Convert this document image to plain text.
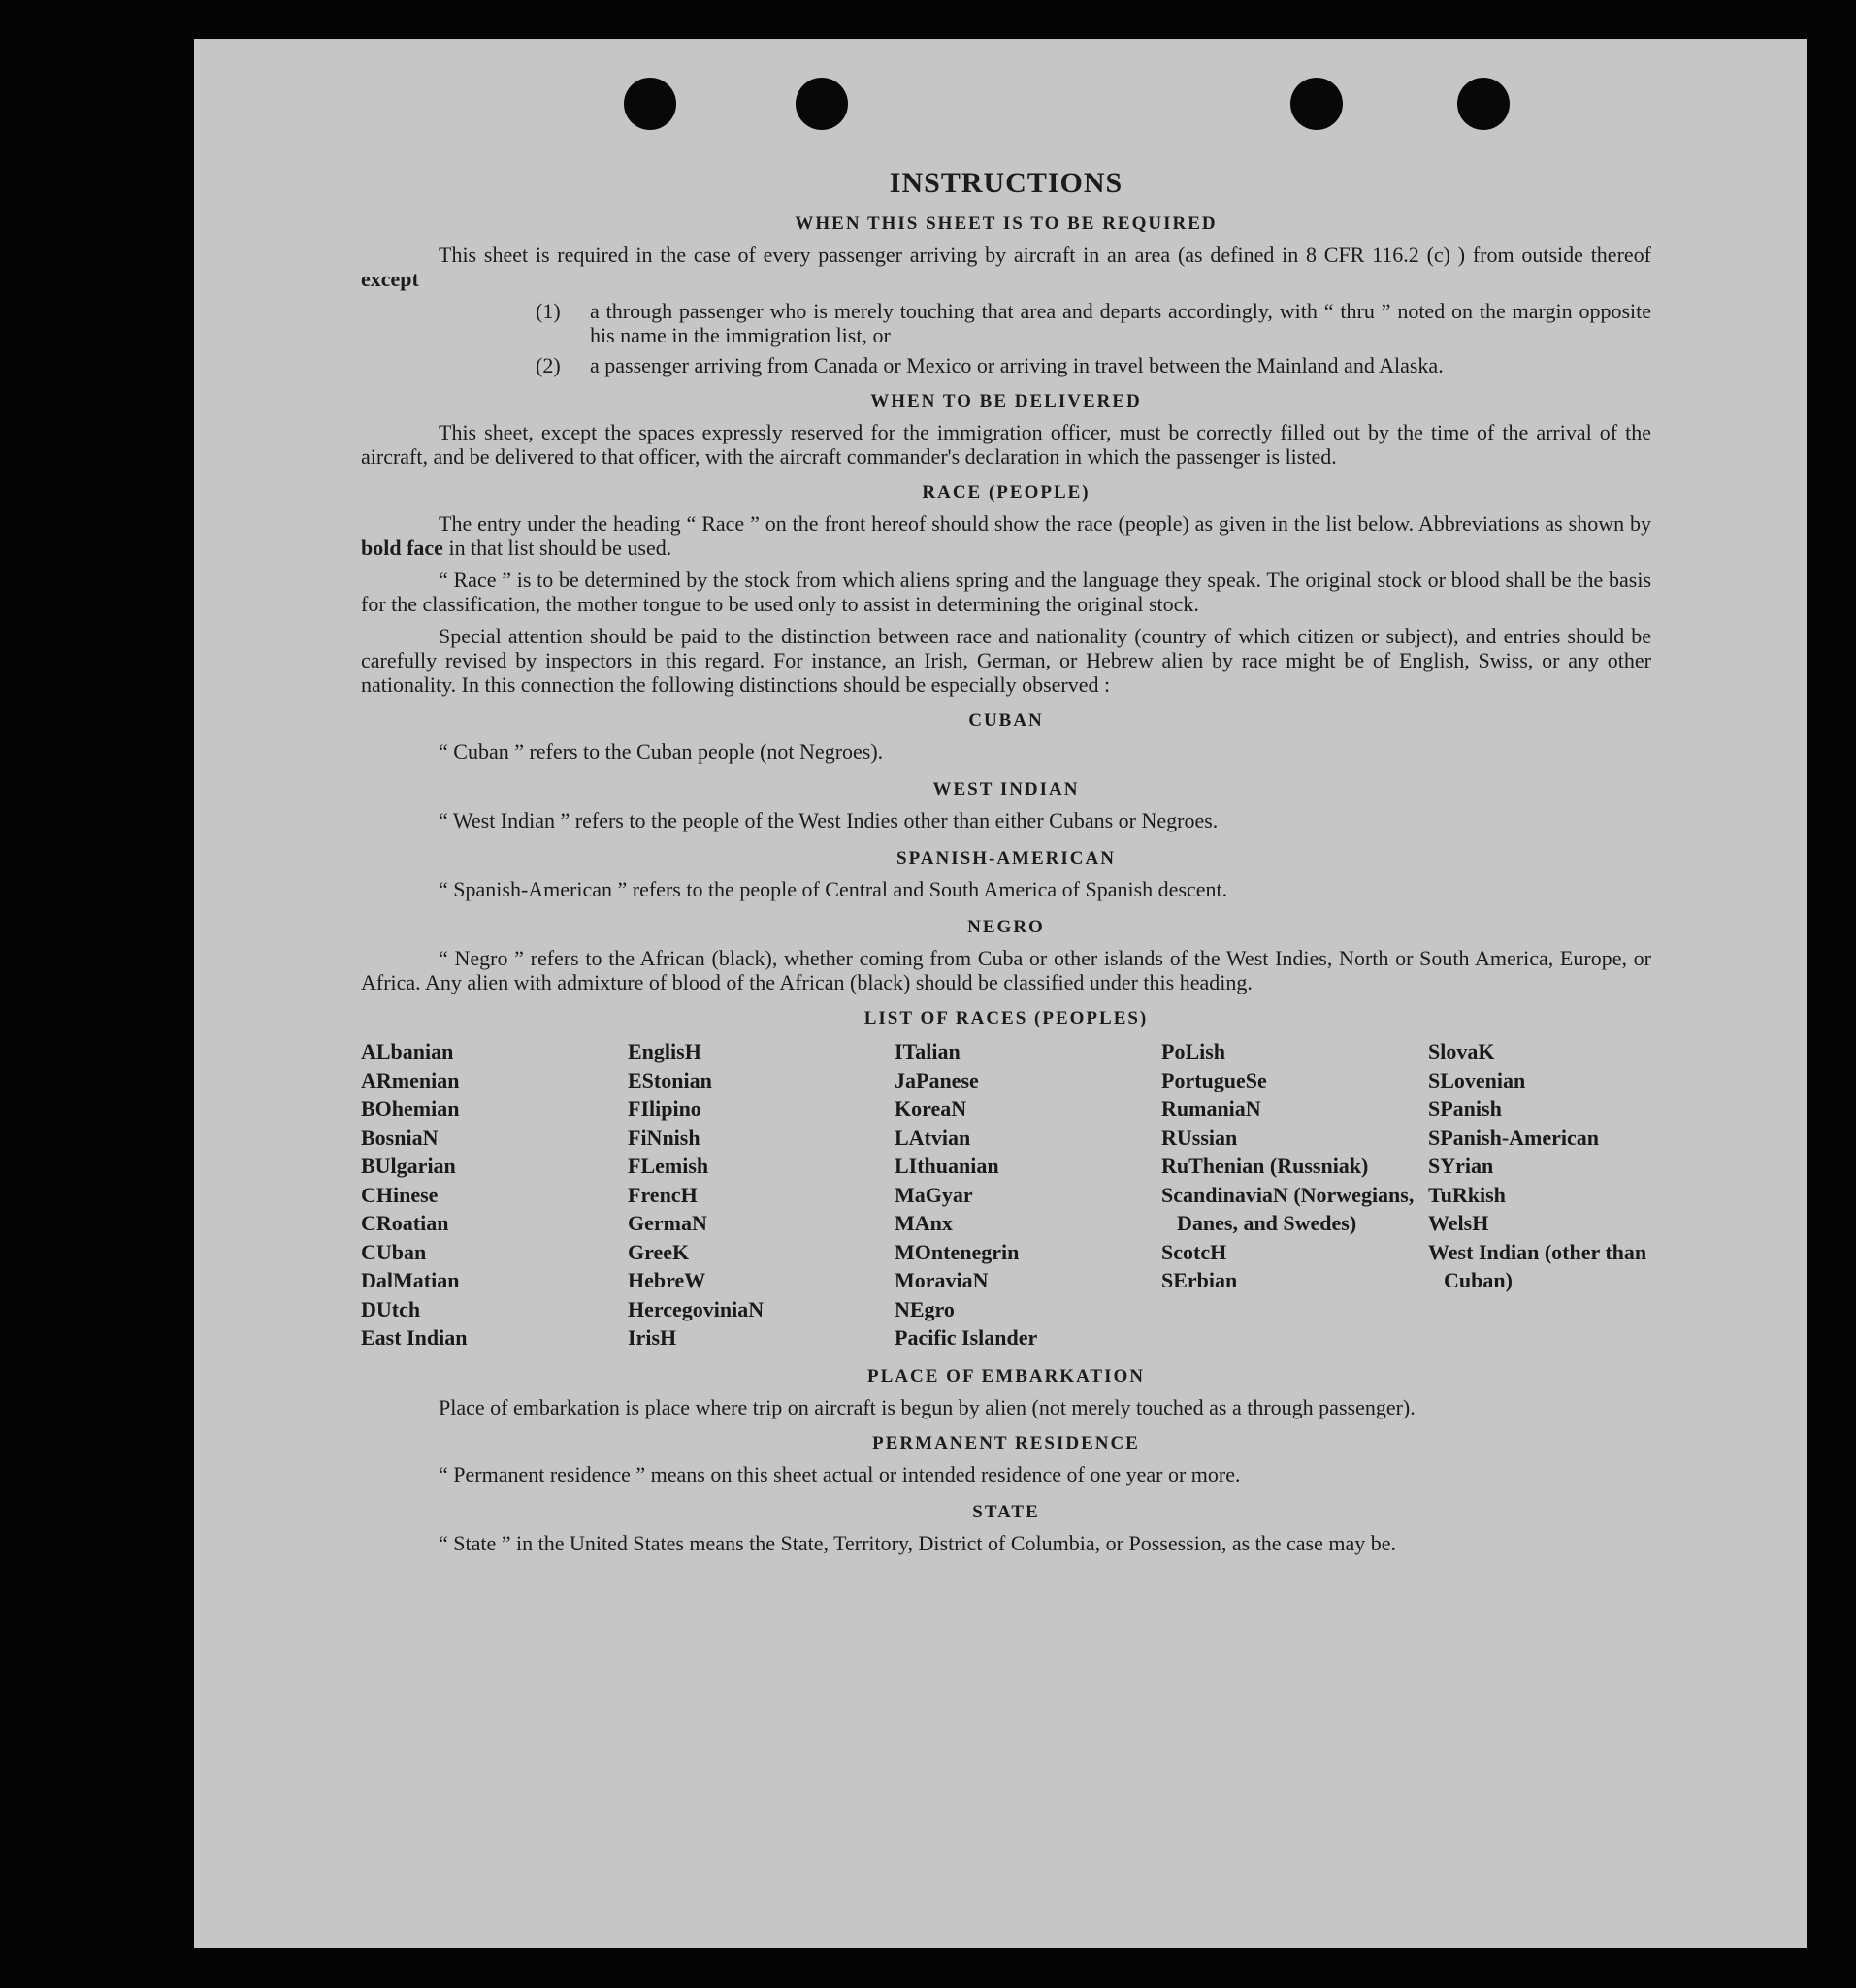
INSTRUCTIONS
WHEN THIS SHEET IS TO BE REQUIRED

This sheet is required in the case of every passenger arriving by aircraft in an area (as defined in 8 CFR 116.2 (c) ) from outside thereof except

(1) a through passenger who is merely touching that area and departs accordingly, with “ thru ” noted on the margin opposite his name in the immigration list, or
(2) a passenger arriving from Canada or Mexico or arriving in travel between the Mainland and Alaska.
WHEN TO BE DELIVERED

This sheet, except the spaces expressly reserved for the immigration officer, must be correctly filled out by the time of the arrival of the aircraft, and be delivered to that officer, with the aircraft commander's declaration in which the passenger is listed.

RACE (PEOPLE)

The entry under the heading “ Race ” on the front hereof should show the race (people) as given in the list below. Abbreviations as shown by bold face in that list should be used.

“ Race ” is to be determined by the stock from which aliens spring and the language they speak. The original stock or blood shall be the basis for the classification, the mother tongue to be used only to assist in determining the original stock.

Special attention should be paid to the distinction between race and nationality (country of which citizen or subject), and entries should be carefully revised by inspectors in this regard. For instance, an Irish, German, or Hebrew alien by race might be of English, Swiss, or any other nationality. In this connection the following distinctions should be especially observed :

CUBAN

“ Cuban ” refers to the Cuban people (not Negroes).

WEST INDIAN

“ West Indian ” refers to the people of the West Indies other than either Cubans or Negroes.

SPANISH-AMERICAN

“ Spanish-American ” refers to the people of Central and South America of Spanish descent.

NEGRO

“ Negro ” refers to the African (black), whether coming from Cuba or other islands of the West Indies, North or South America, Europe, or Africa. Any alien with admixture of blood of the African (black) should be classified under this heading.

LIST OF RACES (PEOPLES)
ALbanian
ARmenian
BOhemian
BosniaN
BUlgarian
CHinese
CRoatian
CUban
DalMatian
DUtch
East Indian
EnglisH
EStonian
FIlipino
FiNnish
FLemish
FrencH
GermaN
GreeK
HebreW
HercegoviniaN
IrisH
ITalian
JaPanese
KoreaN
LAtvian
LIthuanian
MaGyar
MAnx
MOntenegrin
MoraviaN
NEgro
Pacific Islander
PoLish
PortugueSe
RumaniaN
RUssian
RuThenian (Russniak)
ScandinaviaN (Norwegians, Danes, and Swedes)
ScotcH
SErbian
SlovaK
SLovenian
SPanish
SPanish-American
SYrian
TuRkish
WelsH
West Indian (other than Cuban)
PLACE OF EMBARKATION

Place of embarkation is place where trip on aircraft is begun by alien (not merely touched as a through passenger).

PERMANENT RESIDENCE

“ Permanent residence ” means on this sheet actual or intended residence of one year or more.

STATE

“ State ” in the United States means the State, Territory, District of Columbia, or Possession, as the case may be.
